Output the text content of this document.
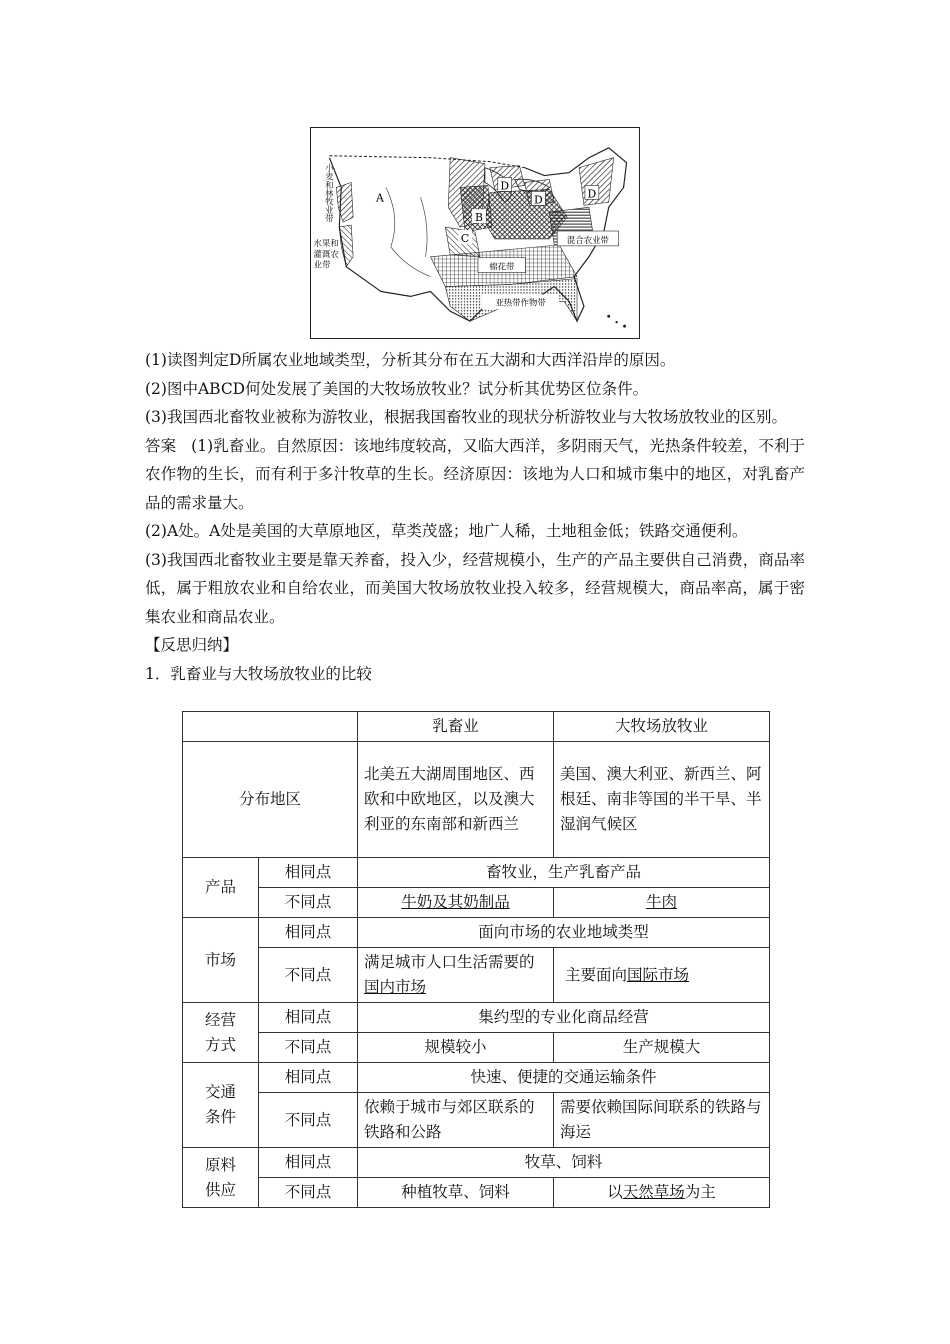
A
B
C
D
D	D
混合农业带
棉花带
亚热带作物带
小麦和林牧业带
水果和灌溉农业带

(1)读图判定D所属农业地域类型，分析其分布在五大湖和大西洋沿岸的原因。

(2)图中ABCD何处发展了美国的大牧场放牧业？试分析其优势区位条件。

(3)我国西北畜牧业被称为游牧业，根据我国畜牧业的现状分析游牧业与大牧场放牧业的区别。

答案 (1)乳畜业。自然原因：该地纬度较高，又临大西洋，多阴雨天气，光热条件较差，不利于农作物的生长，而有利于多汁牧草的生长。经济原因：该地为人口和城市集中的地区，对乳畜产品的需求量大。

(2)A处。A处是美国的大草原地区，草类茂盛；地广人稀，土地租金低；铁路交通便利。

(3)我国西北畜牧业主要是靠天养畜，投入少，经营规模小，生产的产品主要供自己消费，商品率低，属于粗放农业和自给农业，而美国大牧场放牧业投入较多，经营规模大，商品率高，属于密集农业和商品农业。

【反思归纳】

1．乳畜业与大牧场放牧业的比较

		乳畜业	大牧场放牧业
分布地区		北美五大湖周围地区、西欧和中欧地区，以及澳大利亚的东南部和新西兰	美国、澳大利亚、新西兰、阿根廷、南非等国的半干旱、半湿润气候区
产品	相同点	畜牧业，生产乳畜产品	
	不同点	牛奶及其奶制品	牛肉
市场	相同点	面向市场的农业地域类型	
	不同点	满足城市人口生活需要的国内市场	主要面向国际市场
经营
方式	相同点	集约型的专业化商品经营	
	不同点	规模较小	生产规模大
交通
条件	相同点	快速、便捷的交通运输条件	
	不同点	依赖于城市与郊区联系的铁路和公路	需要依赖国际间联系的铁路与海运
原料
供应	相同点	牧草、饲料	
	不同点	种植牧草、饲料	以天然草场为主
